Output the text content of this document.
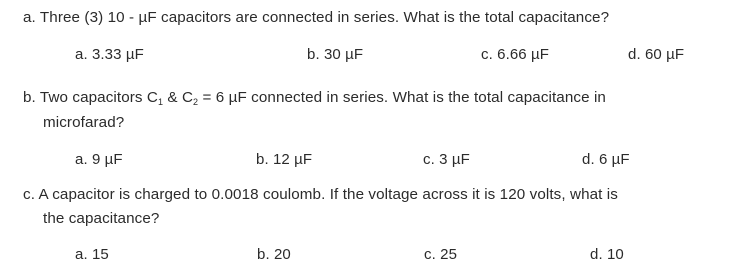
a. Three (3) 10 - µF capacitors are connected in series. What is the total capacitance?
a. 3.33 µF	b. 30 µF	c. 6.66 µF	d. 60 µF
b. Two capacitors $C_1$ & $C_2 = 6$ µF connected in series. What is the total capacitance in
microfarad?
a. 9 µF	b. 12 µF	c. 3 µF	d. 6 µF
c. A capacitor is charged to 0.0018 coulomb. If the voltage across it is 120 volts, what is
the capacitance?
a. 15	b. 20	c. 25	d. 10
